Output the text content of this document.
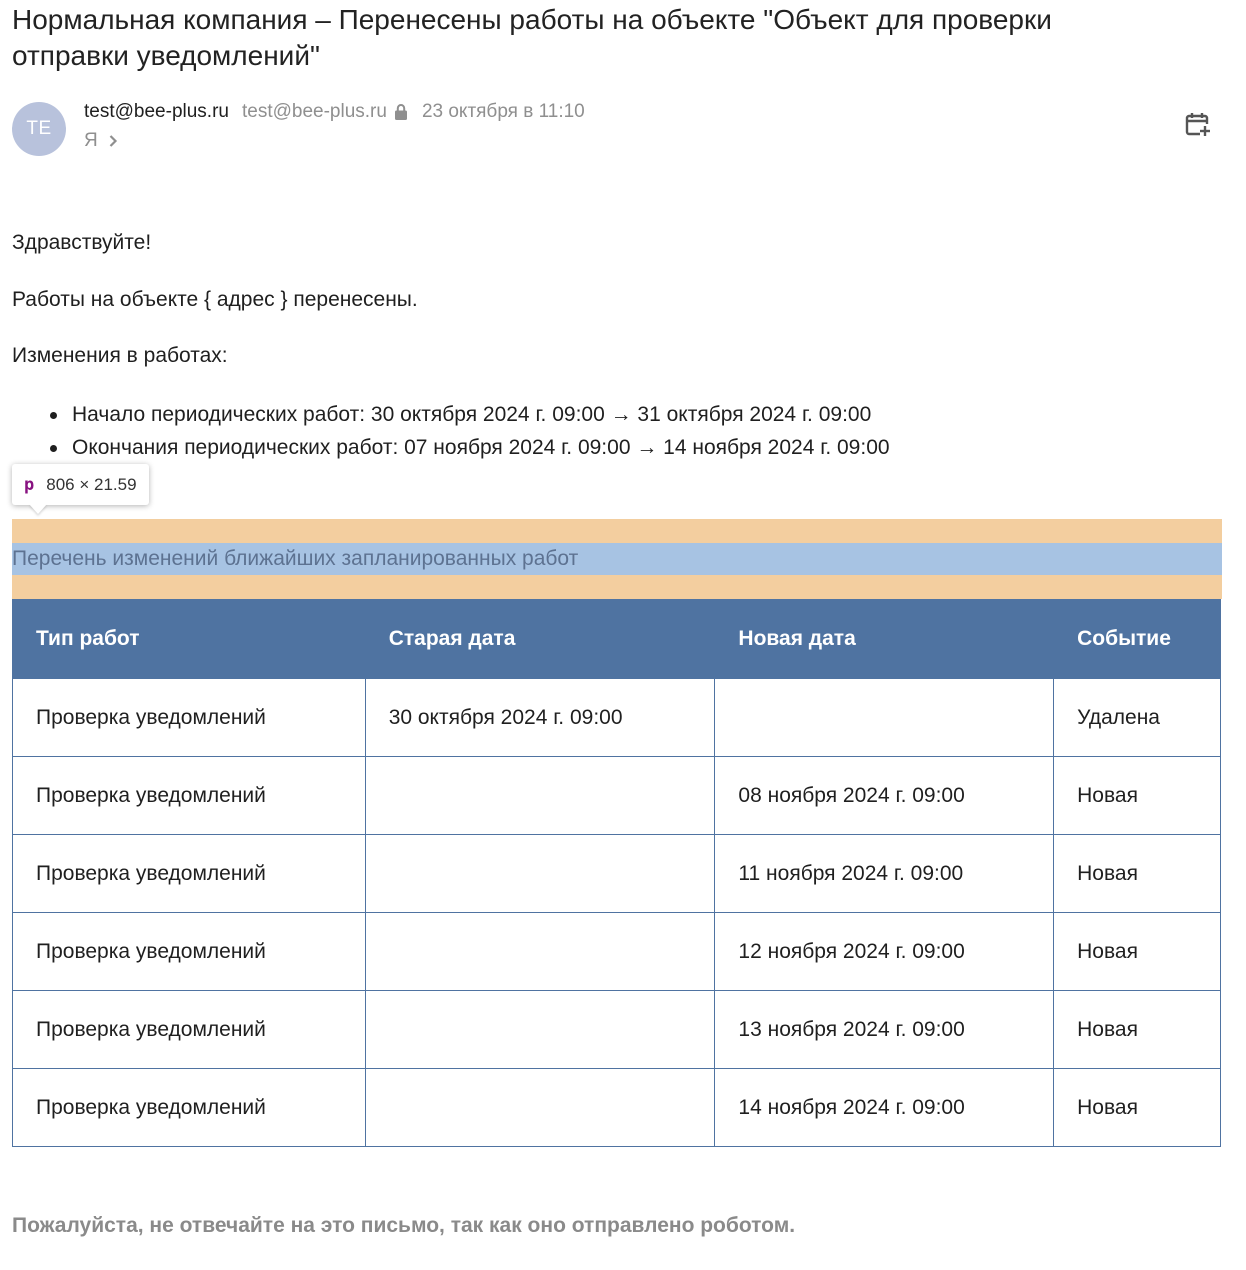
Нормальная компания – Перенесены работы на объекте "Объект для проверки отправки уведомлений"
TE
test@bee-plus.ru test@bee-plus.ru 23 октября в 11:10
Я

Здравствуйте!

Работы на объекте { адрес } перенесены.

Изменения в работах:

Начало периодических работ: 30 октября 2024 г. 09:00 → 31 октября 2024 г. 09:00
Окончания периодических работ: 07 ноября 2024 г. 09:00 → 14 ноября 2024 г. 09:00
p 806 × 21.59
Перечень изменений ближайших запланированных работ
Тип работ	Старая дата	Новая дата	Событие
Проверка уведомлений	30 октября 2024 г. 09:00		Удалена
Проверка уведомлений		08 ноября 2024 г. 09:00	Новая
Проверка уведомлений		11 ноября 2024 г. 09:00	Новая
Проверка уведомлений		12 ноября 2024 г. 09:00	Новая
Проверка уведомлений		13 ноября 2024 г. 09:00	Новая
Проверка уведомлений		14 ноября 2024 г. 09:00	Новая
Пожалуйста, не отвечайте на это письмо, так как оно отправлено роботом.
